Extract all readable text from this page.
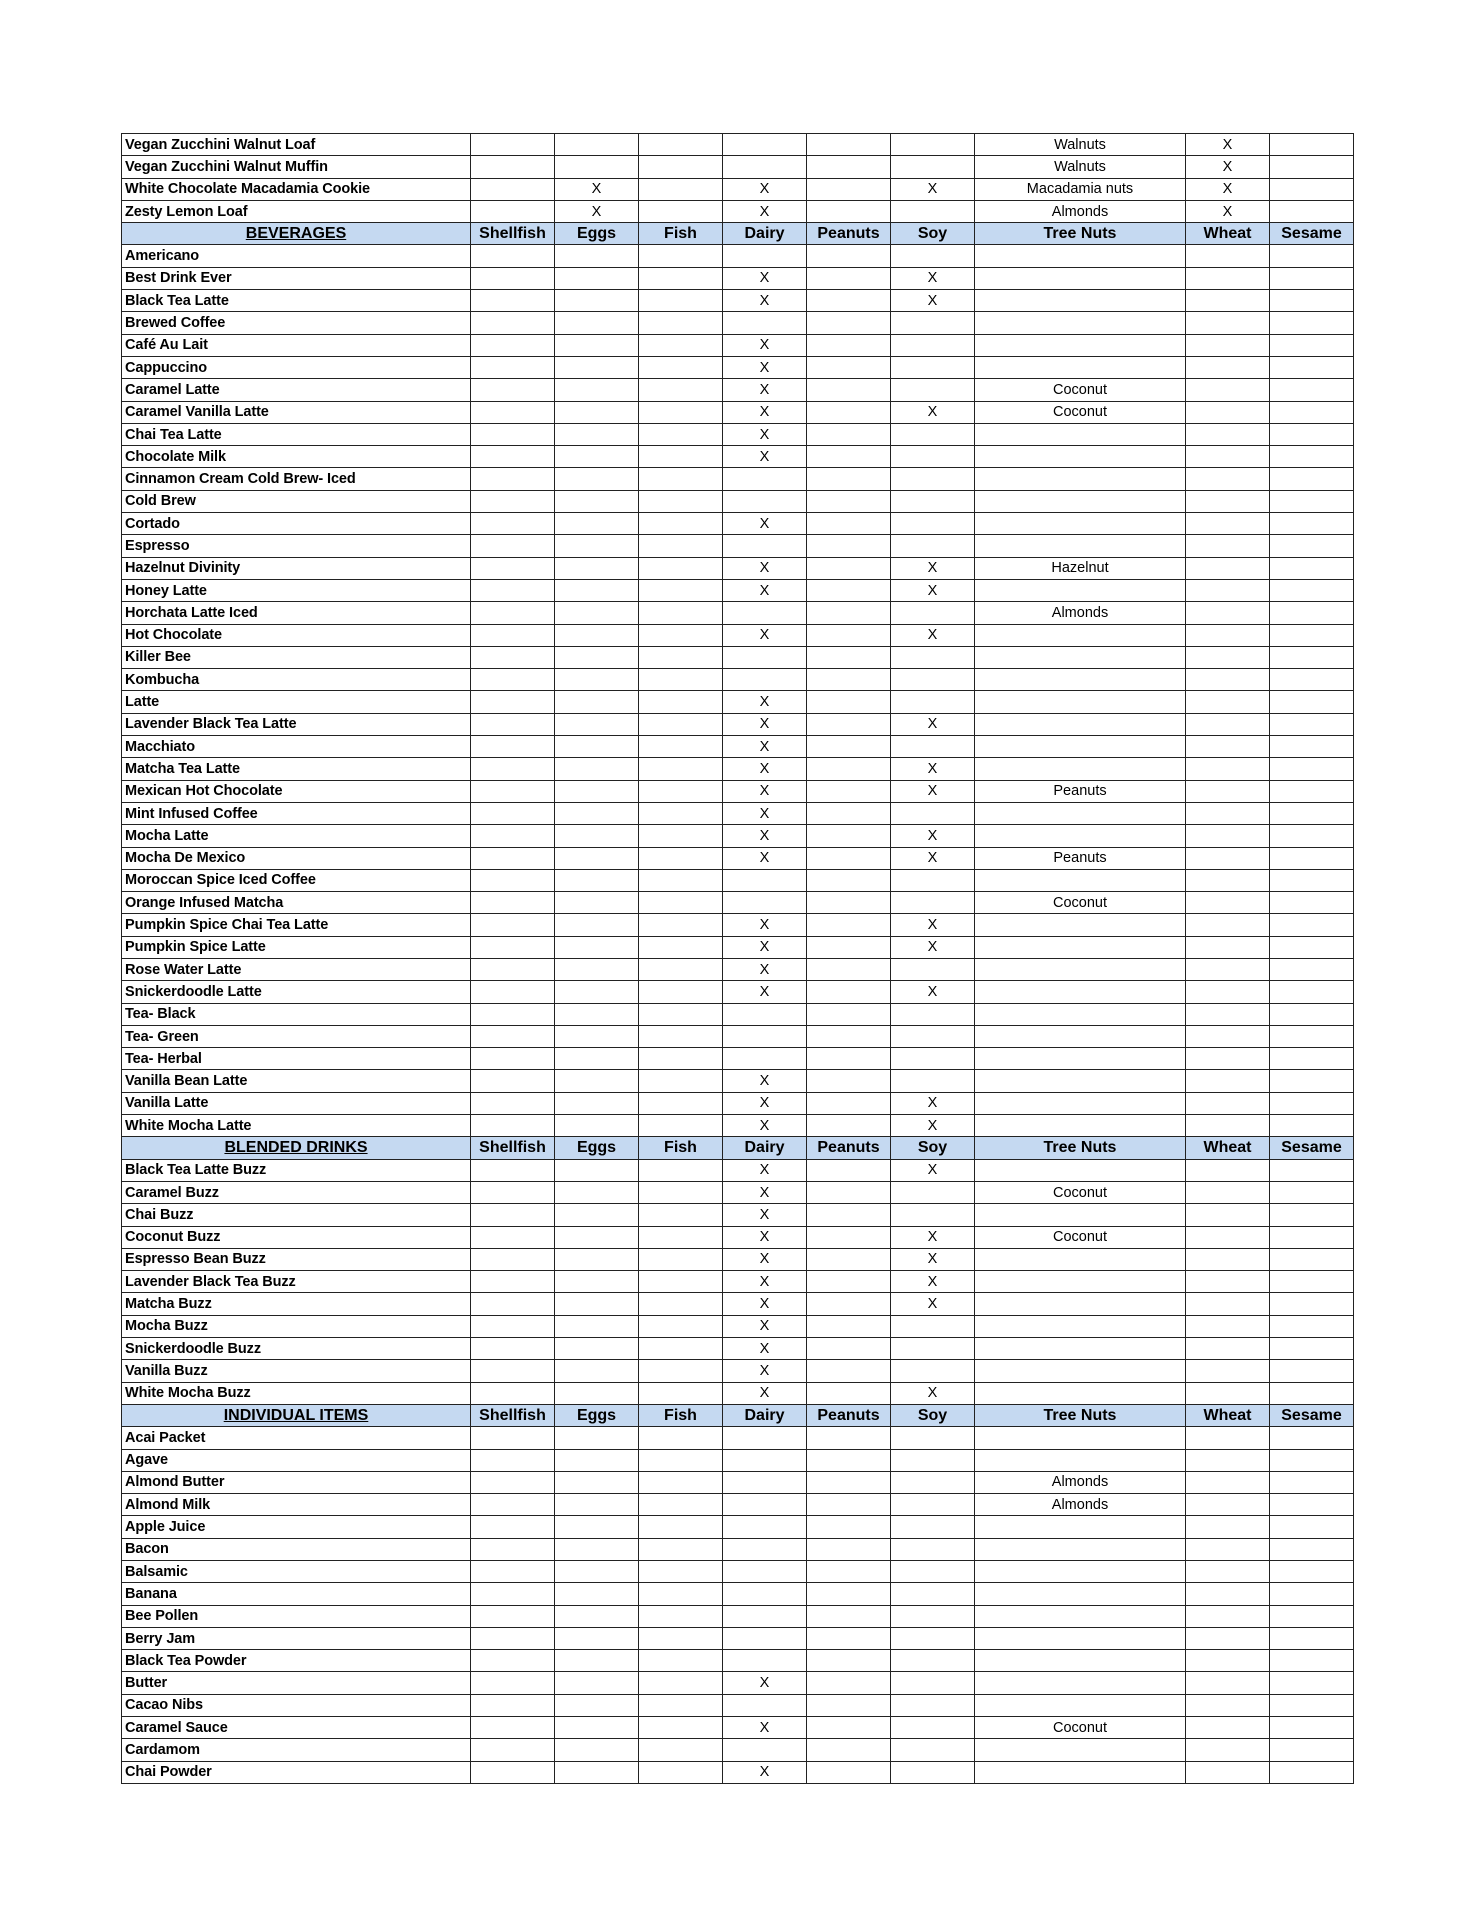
Vegan Zucchini Walnut Loaf							Walnuts	X	
Vegan Zucchini Walnut Muffin							Walnuts	X	
White Chocolate Macadamia Cookie		X		X		X	Macadamia nuts	X	
Zesty Lemon Loaf		X		X			Almonds	X	
BEVERAGES	Shellfish	Eggs	Fish	Dairy	Peanuts	Soy	Tree Nuts	Wheat	Sesame
Americano									
Best Drink Ever				X		X			
Black Tea Latte				X		X			
Brewed Coffee									
Café Au Lait				X					
Cappuccino				X					
Caramel Latte				X			Coconut		
Caramel Vanilla Latte				X		X	Coconut		
Chai Tea Latte				X					
Chocolate Milk				X					
Cinnamon Cream Cold Brew- Iced									
Cold Brew									
Cortado				X					
Espresso									
Hazelnut Divinity				X		X	Hazelnut		
Honey Latte				X		X			
Horchata Latte Iced							Almonds		
Hot Chocolate				X		X			
Killer Bee									
Kombucha									
Latte				X					
Lavender Black Tea Latte				X		X			
Macchiato				X					
Matcha Tea Latte				X		X			
Mexican Hot Chocolate				X		X	Peanuts		
Mint Infused Coffee				X					
Mocha Latte				X		X			
Mocha De Mexico				X		X	Peanuts		
Moroccan Spice Iced Coffee									
Orange Infused Matcha							Coconut		
Pumpkin Spice Chai Tea Latte				X		X			
Pumpkin Spice Latte				X		X			
Rose Water Latte				X					
Snickerdoodle Latte				X		X			
Tea- Black									
Tea- Green									
Tea- Herbal									
Vanilla Bean Latte				X					
Vanilla Latte				X		X			
White Mocha Latte				X		X			
BLENDED DRINKS	Shellfish	Eggs	Fish	Dairy	Peanuts	Soy	Tree Nuts	Wheat	Sesame
Black Tea Latte Buzz				X		X			
Caramel Buzz				X			Coconut		
Chai Buzz				X					
Coconut Buzz				X		X	Coconut		
Espresso Bean Buzz				X		X			
Lavender Black Tea Buzz				X		X			
Matcha Buzz				X		X			
Mocha Buzz				X					
Snickerdoodle Buzz				X					
Vanilla Buzz				X					
White Mocha Buzz				X		X			
INDIVIDUAL ITEMS	Shellfish	Eggs	Fish	Dairy	Peanuts	Soy	Tree Nuts	Wheat	Sesame
Acai Packet									
Agave									
Almond Butter							Almonds		
Almond Milk							Almonds		
Apple Juice									
Bacon									
Balsamic									
Banana									
Bee Pollen									
Berry Jam									
Black Tea Powder									
Butter				X					
Cacao Nibs									
Caramel Sauce				X			Coconut		
Cardamom									
Chai Powder				X					
